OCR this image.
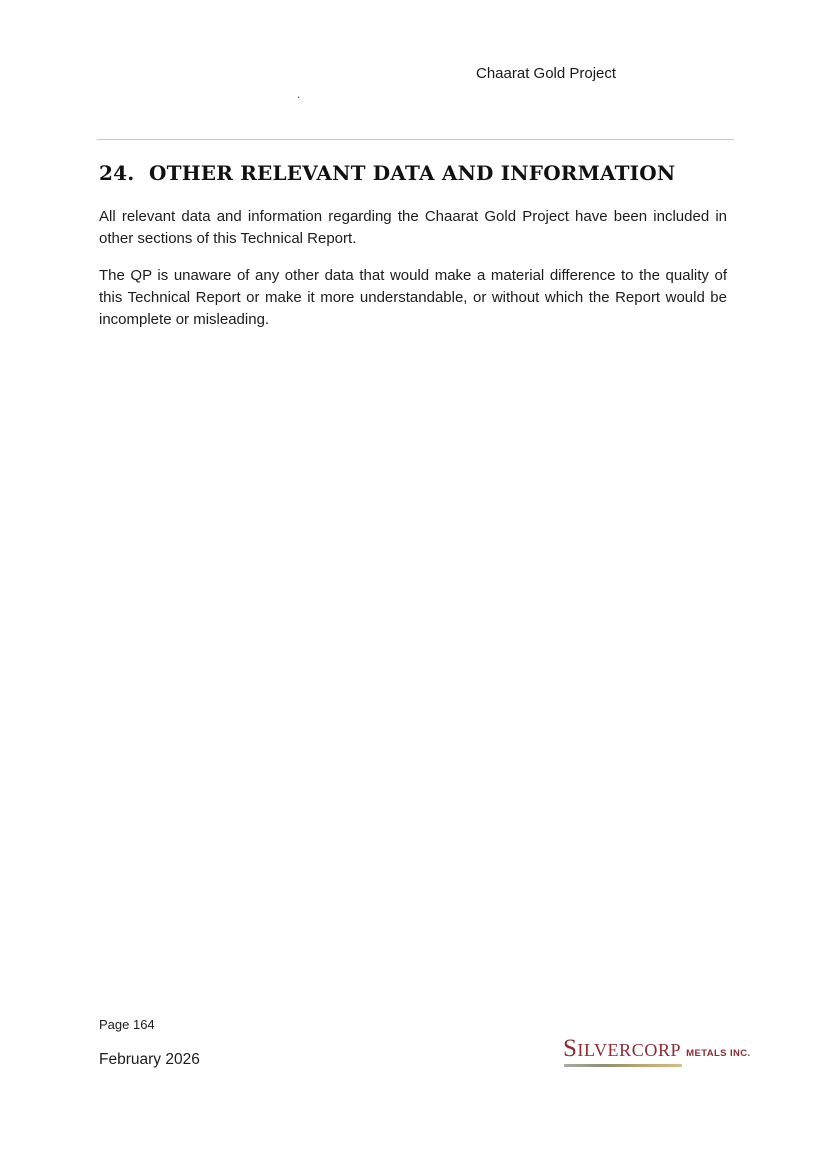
Chaarat Gold Project
.
24. OTHER RELEVANT DATA AND INFORMATION

All relevant data and information regarding the Chaarat Gold Project have been included in other sections of this Technical Report.

The QP is unaware of any other data that would make a material difference to the quality of this Technical Report or make it more understandable, or without which the Report would be incomplete or misleading.

Page 164
February 2026	SILVERCORP METALS INC.
